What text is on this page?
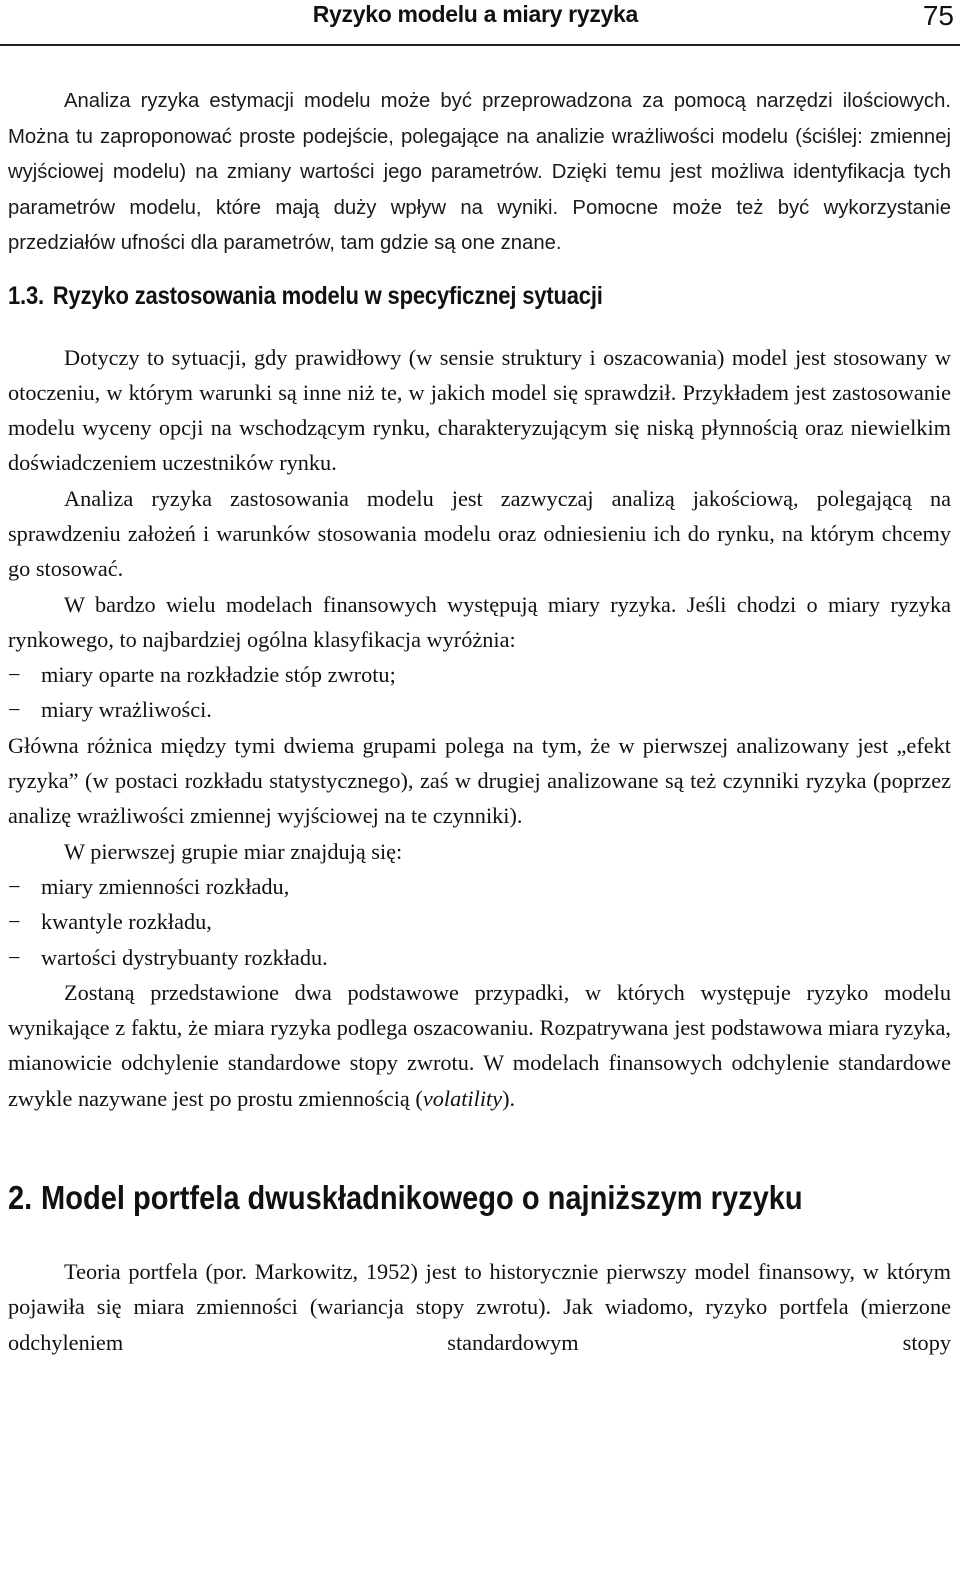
Ryzyko modelu a miary ryzyka	75

Analiza ryzyka estymacji modelu może być przeprowadzona za pomocą narzędzi ilościowych. Można tu zaproponować proste podejście, polegające na analizie wrażliwości modelu (ściślej: zmiennej wyjściowej modelu) na zmiany wartości jego parametrów. Dzięki temu jest możliwa identyfikacja tych parametrów modelu, które mają duży wpływ na wyniki. Pomocne może też być wykorzystanie przedziałów ufności dla parametrów, tam gdzie są one znane.

1.3. Ryzyko zastosowania modelu w specyficznej sytuacji

Dotyczy to sytuacji, gdy prawidłowy (w sensie struktury i oszacowania) model jest stosowany w otoczeniu, w którym warunki są inne niż te, w jakich model się sprawdził. Przykładem jest zastosowanie modelu wyceny opcji na wschodzącym rynku, charakteryzującym się niską płynnością oraz niewielkim doświadczeniem uczestników rynku.

Analiza ryzyka zastosowania modelu jest zazwyczaj analizą jakościową, polegającą na sprawdzeniu założeń i warunków stosowania modelu oraz odniesieniu ich do rynku, na którym chcemy go stosować.

W bardzo wielu modelach finansowych występują miary ryzyka. Jeśli chodzi o miary ryzyka rynkowego, to najbardziej ogólna klasyfikacja wyróżnia:

− miary oparte na rozkładzie stóp zwrotu;
− miary wrażliwości.

Główna różnica między tymi dwiema grupami polega na tym, że w pierwszej analizowany jest „efekt ryzyka” (w postaci rozkładu statystycznego), zaś w drugiej analizowane są też czynniki ryzyka (poprzez analizę wrażliwości zmiennej wyjściowej na te czynniki).

W pierwszej grupie miar znajdują się:

− miary zmienności rozkładu,
− kwantyle rozkładu,
− wartości dystrybuanty rozkładu.

Zostaną przedstawione dwa podstawowe przypadki, w których występuje ryzyko modelu wynikające z faktu, że miara ryzyka podlega oszacowaniu. Rozpatrywana jest podstawowa miara ryzyka, mianowicie odchylenie standardowe stopy zwrotu. W modelach finansowych odchylenie standardowe zwykle nazywane jest po prostu zmiennością (volatility).

2. Model portfela dwuskładnikowego o najniższym ryzyku

Teoria portfela (por. Markowitz, 1952) jest to historycznie pierwszy model finansowy, w którym pojawiła się miara zmienności (wariancja stopy zwrotu). Jak wiadomo, ryzyko portfela (mierzone odchyleniem standardowym stopy
